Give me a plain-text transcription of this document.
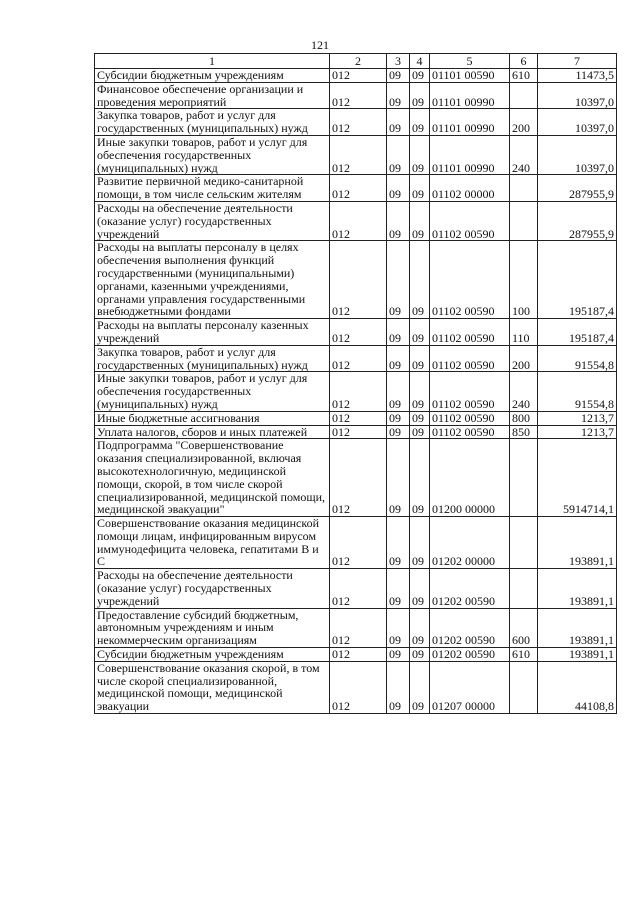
121
1	2	3	4	5	6	7
Субсидии бюджетным учреждениям	012	09	09	01101 00590	610	11473,5
Финансовое обеспечение организации и проведения мероприятий	012	09	09	01101 00990		10397,0
Закупка товаров, работ и услуг для государственных (муниципальных) нужд	012	09	09	01101 00990	200	10397,0
Иные закупки товаров, работ и услуг для обеспечения государственных (муниципальных) нужд	012	09	09	01101 00990	240	10397,0
Развитие первичной медико-санитарной помощи, в том числе сельским жителям	012	09	09	01102 00000		287955,9
Расходы на обеспечение деятельности (оказание услуг) государственных учреждений	012	09	09	01102 00590		287955,9
Расходы на выплаты персоналу в целях обеспечения выполнения функций государственными (муниципальными) органами, казенными учреждениями, органами управления государственными внебюджетными фондами	012	09	09	01102 00590	100	195187,4
Расходы на выплаты персоналу казенных учреждений	012	09	09	01102 00590	110	195187,4
Закупка товаров, работ и услуг для государственных (муниципальных) нужд	012	09	09	01102 00590	200	91554,8
Иные закупки товаров, работ и услуг для обеспечения государственных (муниципальных) нужд	012	09	09	01102 00590	240	91554,8
Иные бюджетные ассигнования	012	09	09	01102 00590	800	1213,7
Уплата налогов, сборов и иных платежей	012	09	09	01102 00590	850	1213,7
Подпрограмма "Совершенствование оказания специализированной, включая высокотехнологичную, медицинской помощи, скорой, в том числе скорой специализированной, медицинской помощи, медицинской эвакуации"	012	09	09	01200 00000		5914714,1
Совершенствование оказания медицинской помощи лицам, инфицированным вирусом иммунодефицита человека, гепатитами B и C	012	09	09	01202 00000		193891,1
Расходы на обеспечение деятельности (оказание услуг) государственных учреждений	012	09	09	01202 00590		193891,1
Предоставление субсидий бюджетным, автономным учреждениям и иным некоммерческим организациям	012	09	09	01202 00590	600	193891,1
Субсидии бюджетным учреждениям	012	09	09	01202 00590	610	193891,1
Совершенствование оказания скорой, в том числе скорой специализированной, медицинской помощи, медицинской эвакуации	012	09	09	01207 00000		44108,8
